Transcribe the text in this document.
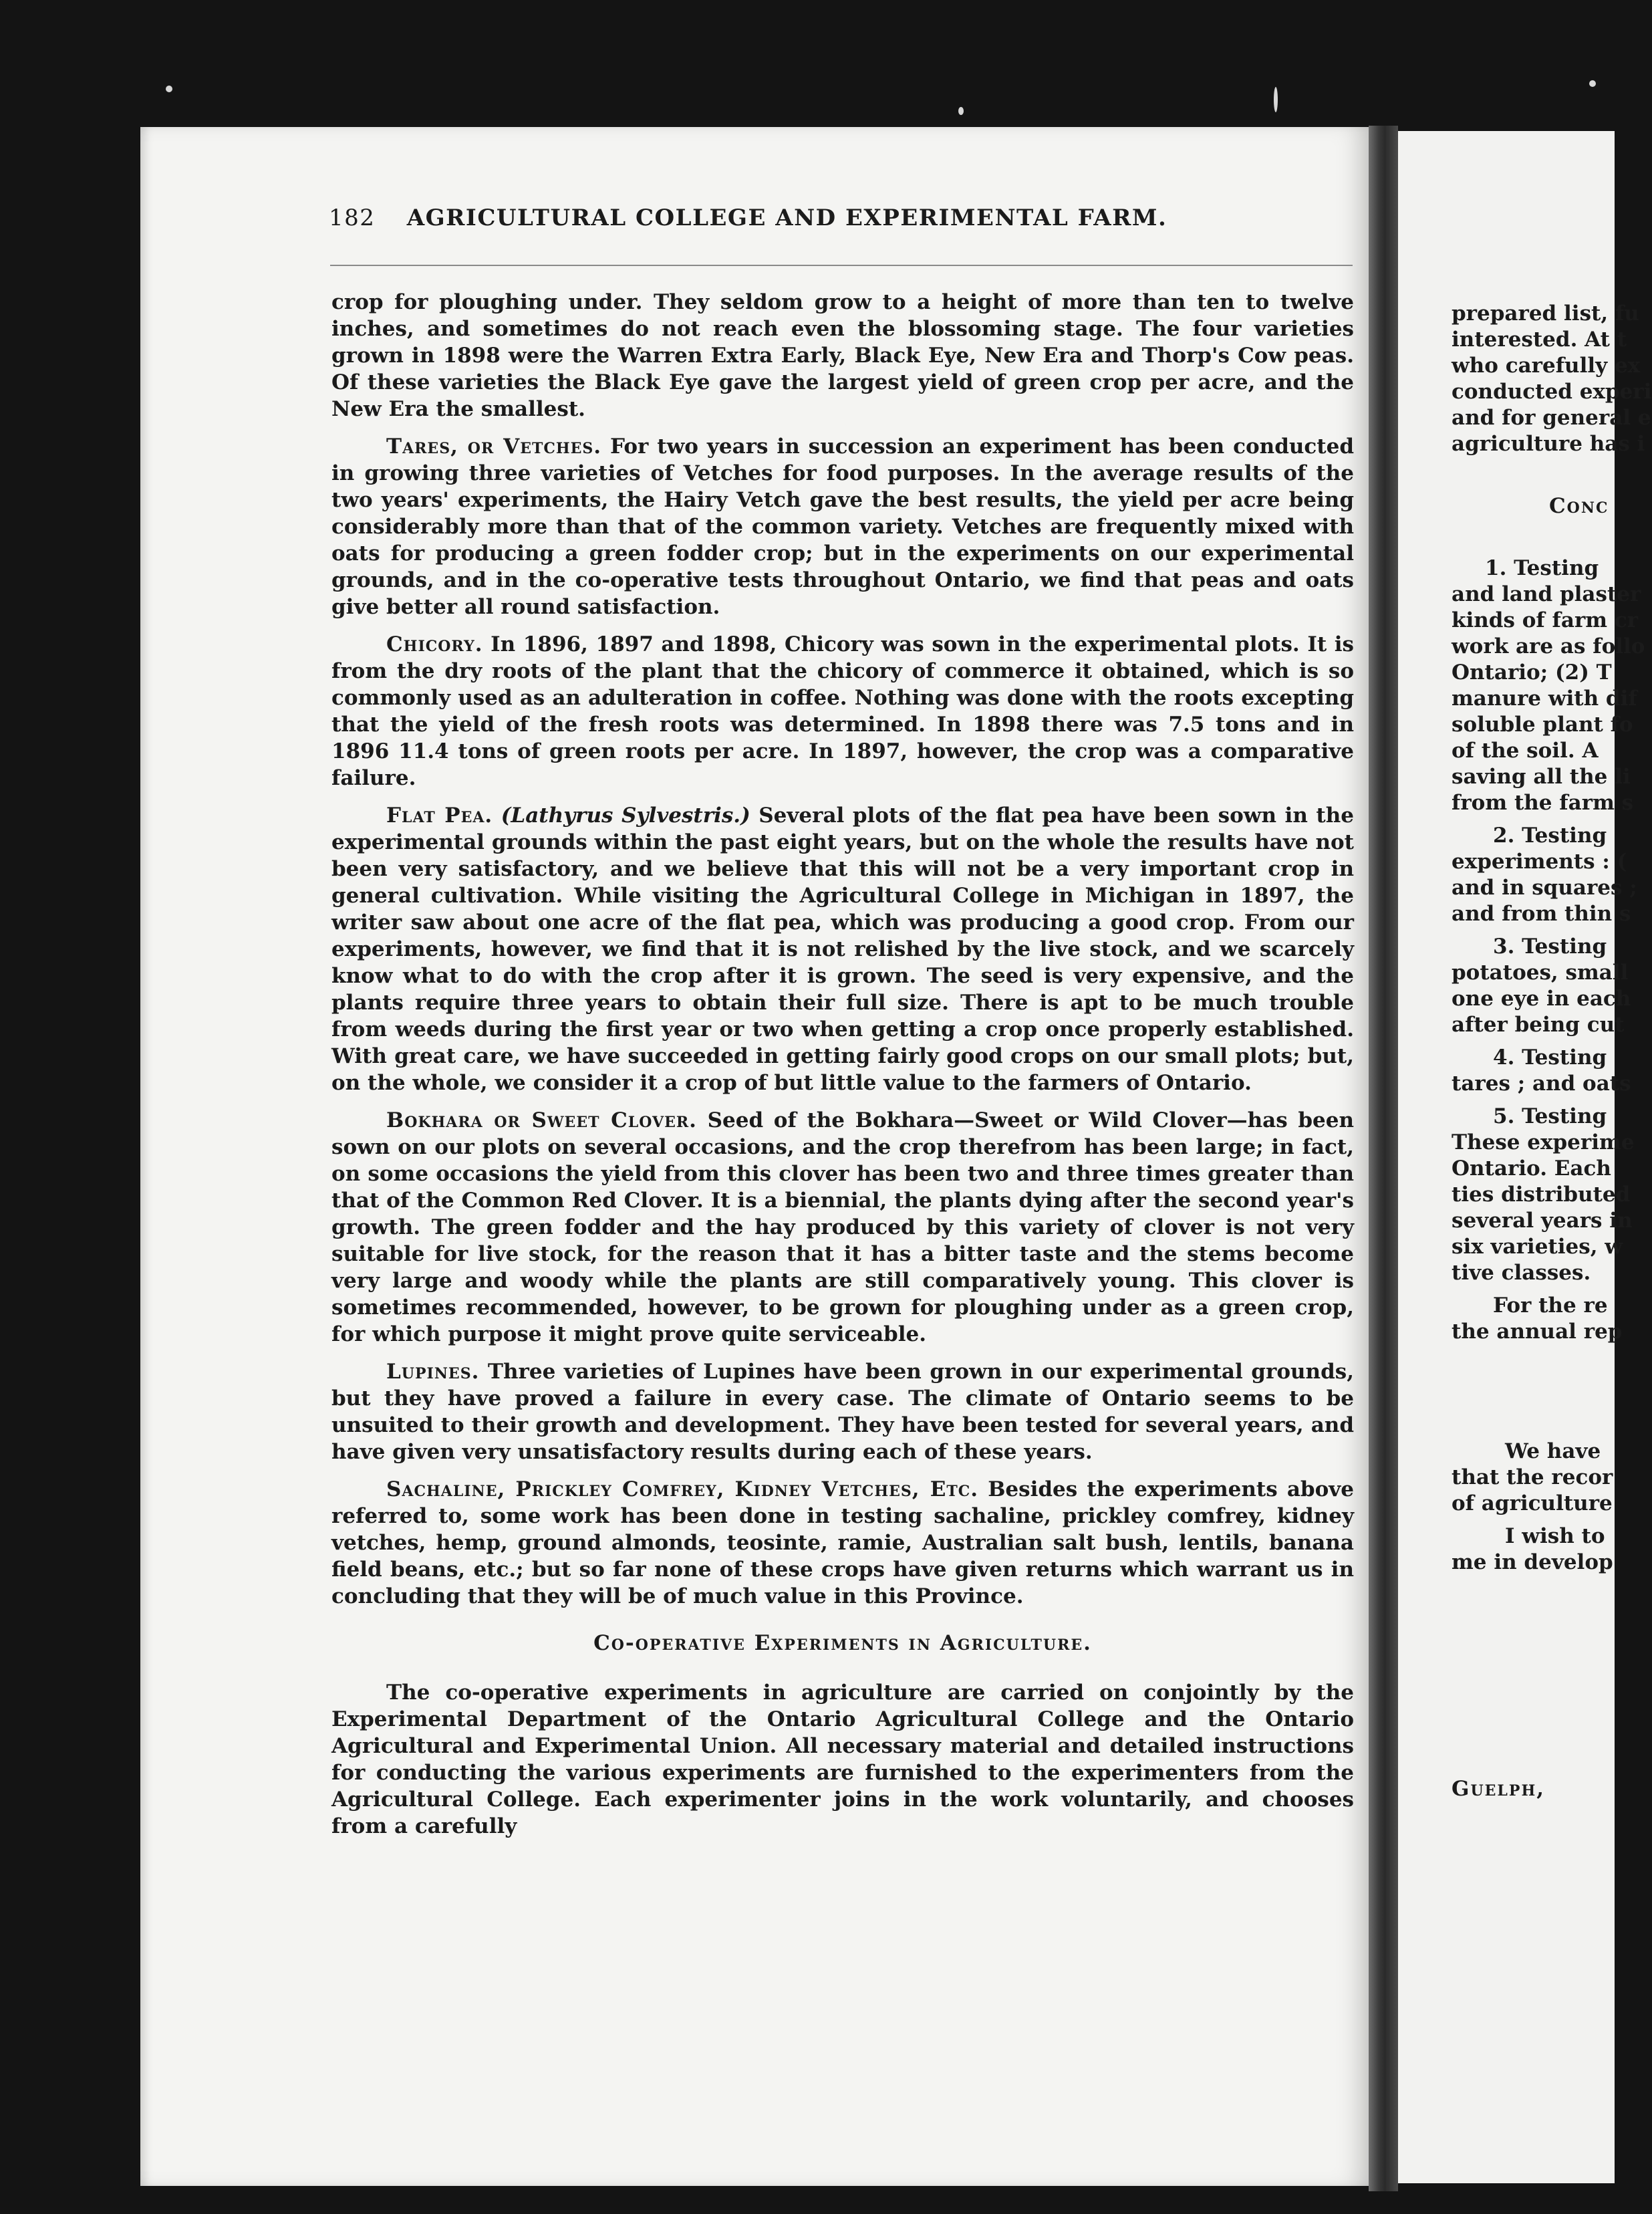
182 AGRICULTURAL COLLEGE AND EXPERIMENTAL FARM.

crop for ploughing under. They seldom grow to a height of more than ten to twelve inches, and sometimes do not reach even the blossoming stage. The four varieties grown in 1898 were the Warren Extra Early, Black Eye, New Era and Thorp's Cow peas. Of these varieties the Black Eye gave the largest yield of green crop per acre, and the New Era the smallest.

Tares, or Vetches. For two years in succession an experiment has been conducted in growing three varieties of Vetches for food purposes. In the average results of the two years' experiments, the Hairy Vetch gave the best results, the yield per acre being considerably more than that of the common variety. Vetches are frequently mixed with oats for producing a green fodder crop; but in the experiments on our experimental grounds, and in the co-operative tests throughout Ontario, we find that peas and oats give better all round satisfaction.

Chicory. In 1896, 1897 and 1898, Chicory was sown in the experimental plots. It is from the dry roots of the plant that the chicory of commerce it obtained, which is so commonly used as an adulteration in coffee. Nothing was done with the roots excepting that the yield of the fresh roots was determined. In 1898 there was 7.5 tons and in 1896 11.4 tons of green roots per acre. In 1897, however, the crop was a comparative failure.

Flat Pea. (Lathyrus Sylvestris.) Several plots of the flat pea have been sown in the experimental grounds within the past eight years, but on the whole the results have not been very satisfactory, and we believe that this will not be a very important crop in general cultivation. While visiting the Agricultural College in Michigan in 1897, the writer saw about one acre of the flat pea, which was producing a good crop. From our experiments, however, we find that it is not relished by the live stock, and we scarcely know what to do with the crop after it is grown. The seed is very expensive, and the plants require three years to obtain their full size. There is apt to be much trouble from weeds during the first year or two when getting a crop once properly established. With great care, we have succeeded in getting fairly good crops on our small plots; but, on the whole, we consider it a crop of but little value to the farmers of Ontario.

Bokhara or Sweet Clover. Seed of the Bokhara—Sweet or Wild Clover—has been sown on our plots on several occasions, and the crop therefrom has been large; in fact, on some occasions the yield from this clover has been two and three times greater than that of the Common Red Clover. It is a biennial, the plants dying after the second year's growth. The green fodder and the hay produced by this variety of clover is not very suitable for live stock, for the reason that it has a bitter taste and the stems become very large and woody while the plants are still comparatively young. This clover is sometimes recommended, however, to be grown for ploughing under as a green crop, for which purpose it might prove quite serviceable.

Lupines. Three varieties of Lupines have been grown in our experimental grounds, but they have proved a failure in every case. The climate of Ontario seems to be unsuited to their growth and development. They have been tested for several years, and have given very unsatisfactory results during each of these years.

Sachaline, Prickley Comfrey, Kidney Vetches, Etc. Besides the experiments above referred to, some work has been done in testing sachaline, prickley comfrey, kidney vetches, hemp, ground almonds, teosinte, ramie, Australian salt bush, lentils, banana field beans, etc.; but so far none of these crops have given returns which warrant us in concluding that they will be of much value in this Province.

Co-operative Experiments in Agriculture.

The co-operative experiments in agriculture are carried on conjointly by the Experimental Department of the Ontario Agricultural College and the Ontario Agricultural and Experimental Union. All necessary material and detailed instructions for conducting the various experiments are furnished to the experimenters from the Agricultural College. Each experimenter joins in the work voluntarily, and chooses from a carefully

prepared list, fu
interested. At t
who carefully ex
conducted experi
and for general e
agriculture has i
Conc
1. Testing
and land plaster
kinds of farm cr
work are as follo
Ontario; (2) T
manure with dif
soluble plant fo
of the soil. A
saving all the li
from the farm s
2. Testing
experiments : (
and in squares ;
and from thin s
3. Testing
potatoes, small
one eye in each
after being cut
4. Testing
tares ; and oats
5. Testing
These experime
Ontario. Each
ties distributed
several years in
six varieties, w
tive classes.
For the re
the annual rep
We have
that the recor
of agriculture
I wish to
me in develop
Guelph,
